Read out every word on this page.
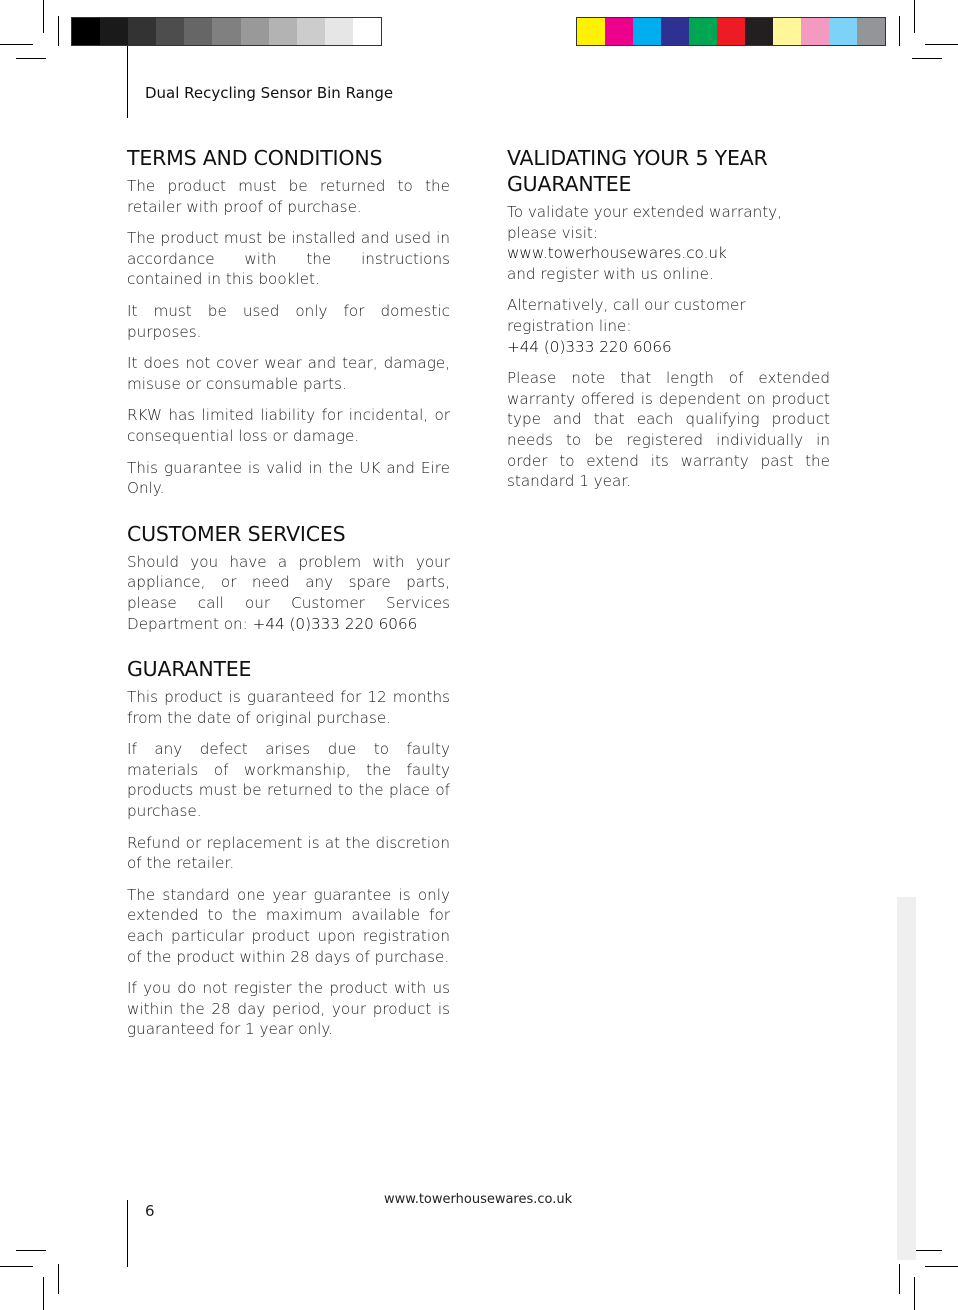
Dual Recycling Sensor Bin Range
TERMS AND CONDITIONS

The product must be returned to the retailer with proof of purchase.

The product must be installed and used in accordance with the instructions contained in this booklet.

It must be used only for domestic purposes.

It does not cover wear and tear, damage, misuse or consumable parts.

RKW has limited liability for incidental, or consequential loss or damage.

This guarantee is valid in the UK and Eire Only.

CUSTOMER SERVICES

Should you have a problem with your appliance, or need any spare parts, please call our Customer Services Department on: +44 (0)333 220 6066

GUARANTEE

This product is guaranteed for 12 months from the date of original purchase.

If any defect arises due to faulty materials of workmanship, the faulty products must be returned to the place of purchase.

Refund or replacement is at the discretion of the retailer.

The standard one year guarantee is only extended to the maximum available for each particular product upon registration of the product within 28 days of purchase.

If you do not register the product with us within the 28 day period, your product is guaranteed for 1 year only.

VALIDATING YOUR 5 YEAR
GUARANTEE

To validate your extended warranty,
please visit:
www.towerhousewares.co.uk
and register with us online.

Alternatively, call our customer
registration line:
+44 (0)333 220 6066

Please note that length of extended warranty offered is dependent on product type and that each qualifying product needs to be registered individually in order to extend its warranty past the standard 1 year.

www.towerhousewares.co.uk
6
